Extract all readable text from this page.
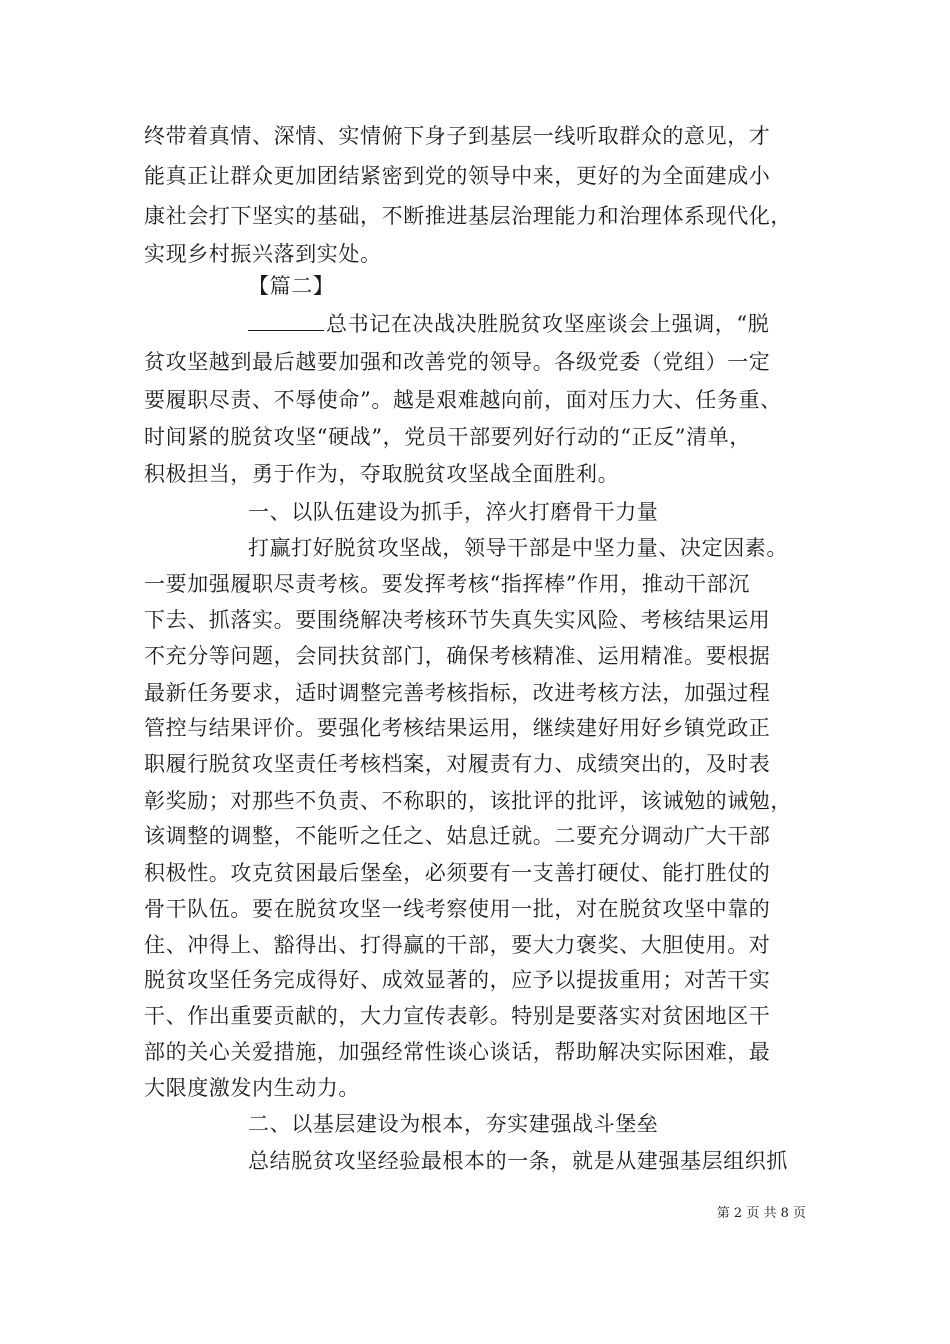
终带着真情、深情、实情俯下身子到基层一线听取群众的意见，才
能真正让群众更加团结紧密到党的领导中来，更好的为全面建成小
康社会打下坚实的基础，不断推进基层治理能力和治理体系现代化，
实现乡村振兴落到实处。
【篇二】
总书记在决战决胜脱贫攻坚座谈会上强调，“脱
贫攻坚越到最后越要加强和改善党的领导。各级党委（党组）一定
要履职尽责、不辱使命”。越是艰难越向前，面对压力大、任务重、
时间紧的脱贫攻坚“硬战”，党员干部要列好行动的“正反”清单，
积极担当，勇于作为，夺取脱贫攻坚战全面胜利。
一、以队伍建设为抓手，淬火打磨骨干力量
打赢打好脱贫攻坚战，领导干部是中坚力量、决定因素。
一要加强履职尽责考核。要发挥考核“指挥棒”作用，推动干部沉
下去、抓落实。要围绕解决考核环节失真失实风险、考核结果运用
不充分等问题，会同扶贫部门，确保考核精准、运用精准。要根据
最新任务要求，适时调整完善考核指标，改进考核方法，加强过程
管控与结果评价。要强化考核结果运用，继续建好用好乡镇党政正
职履行脱贫攻坚责任考核档案，对履责有力、成绩突出的，及时表
彰奖励；对那些不负责、不称职的，该批评的批评，该诫勉的诫勉，
该调整的调整，不能听之任之、姑息迁就。二要充分调动广大干部
积极性。攻克贫困最后堡垒，必须要有一支善打硬仗、能打胜仗的
骨干队伍。要在脱贫攻坚一线考察使用一批，对在脱贫攻坚中靠的
住、冲得上、豁得出、打得赢的干部，要大力褒奖、大胆使用。对
脱贫攻坚任务完成得好、成效显著的，应予以提拔重用；对苦干实
干、作出重要贡献的，大力宣传表彰。特别是要落实对贫困地区干
部的关心关爱措施，加强经常性谈心谈话，帮助解决实际困难，最
大限度激发内生动力。
二、以基层建设为根本，夯实建强战斗堡垒
总结脱贫攻坚经验最根本的一条，就是从建强基层组织抓
第 2 页 共 8 页
